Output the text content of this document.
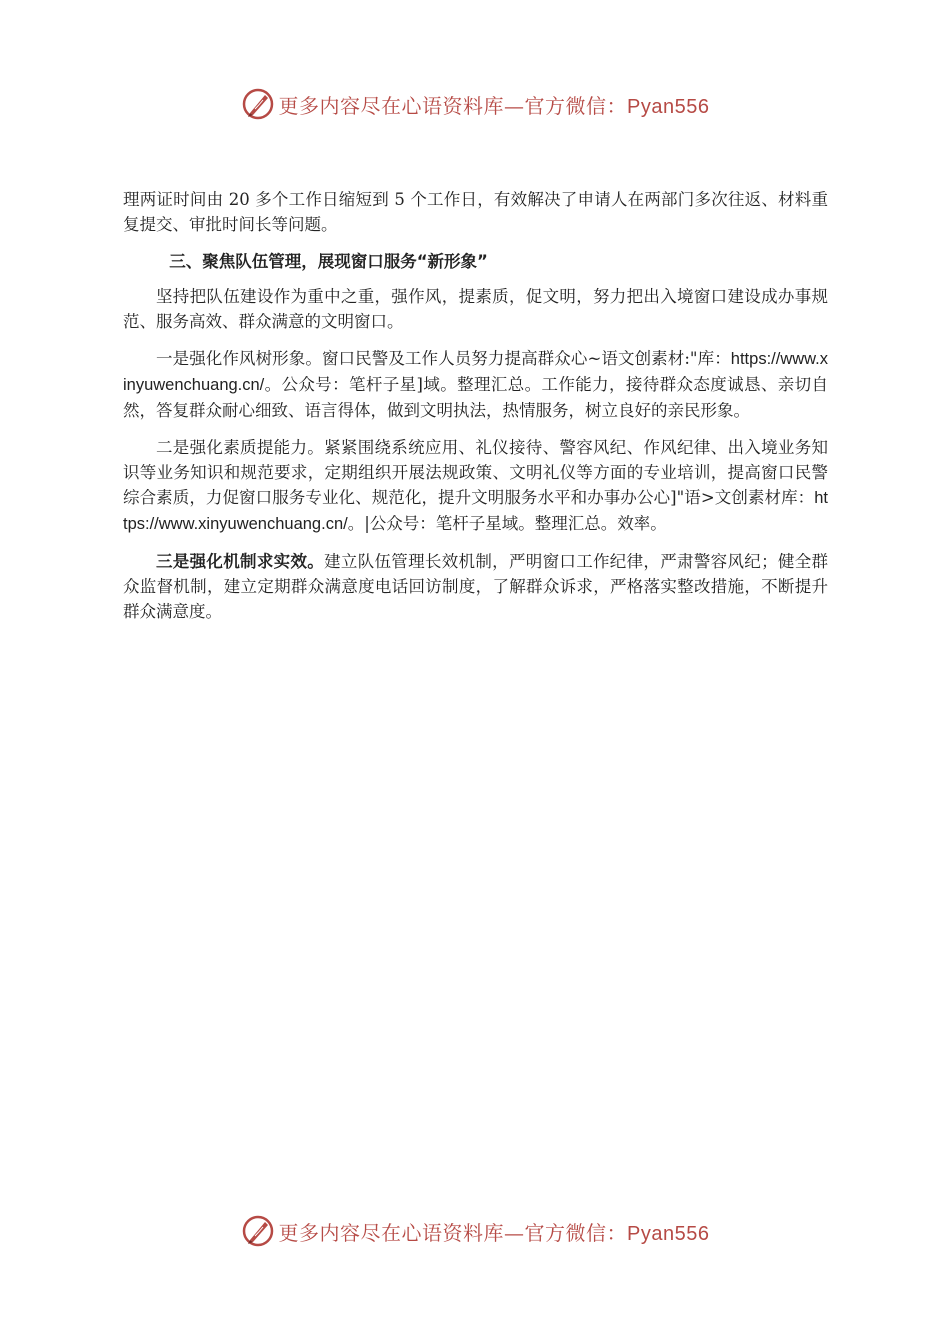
更多内容尽在心语资料库—官方微信：Pyan556

理两证时间由 20 多个工作日缩短到 5 个工作日，有效解决了申请人在两部门多次往返、材料重复提交、审批时间长等问题。

三、聚焦队伍管理，展现窗口服务“新形象”

坚持把队伍建设作为重中之重，强作风，提素质，促文明，努力把出入境窗口建设成办事规范、服务高效、群众满意的文明窗口。

一是强化作风树形象。窗口民警及工作人员努力提高群众心~语文创素材:"库：https://www.xinyuwenchuang.cn/。公众号：笔杆子星]域。整理汇总。工作能力，接待群众态度诚恳、亲切自然，答复群众耐心细致、语言得体，做到文明执法，热情服务，树立良好的亲民形象。

二是强化素质提能力。紧紧围绕系统应用、礼仪接待、警容风纪、作风纪律、出入境业务知识等业务知识和规范要求，定期组织开展法规政策、文明礼仪等方面的专业培训，提高窗口民警综合素质，力促窗口服务专业化、规范化，提升文明服务水平和办事办公心]"语>文创素材库：https://www.xinyuwenchuang.cn/。|公众号：笔杆子星域。整理汇总。效率。

三是强化机制求实效。建立队伍管理长效机制，严明窗口工作纪律，严肃警容风纪；健全群众监督机制，建立定期群众满意度电话回访制度，了解群众诉求，严格落实整改措施，不断提升群众满意度。

更多内容尽在心语资料库—官方微信：Pyan556
